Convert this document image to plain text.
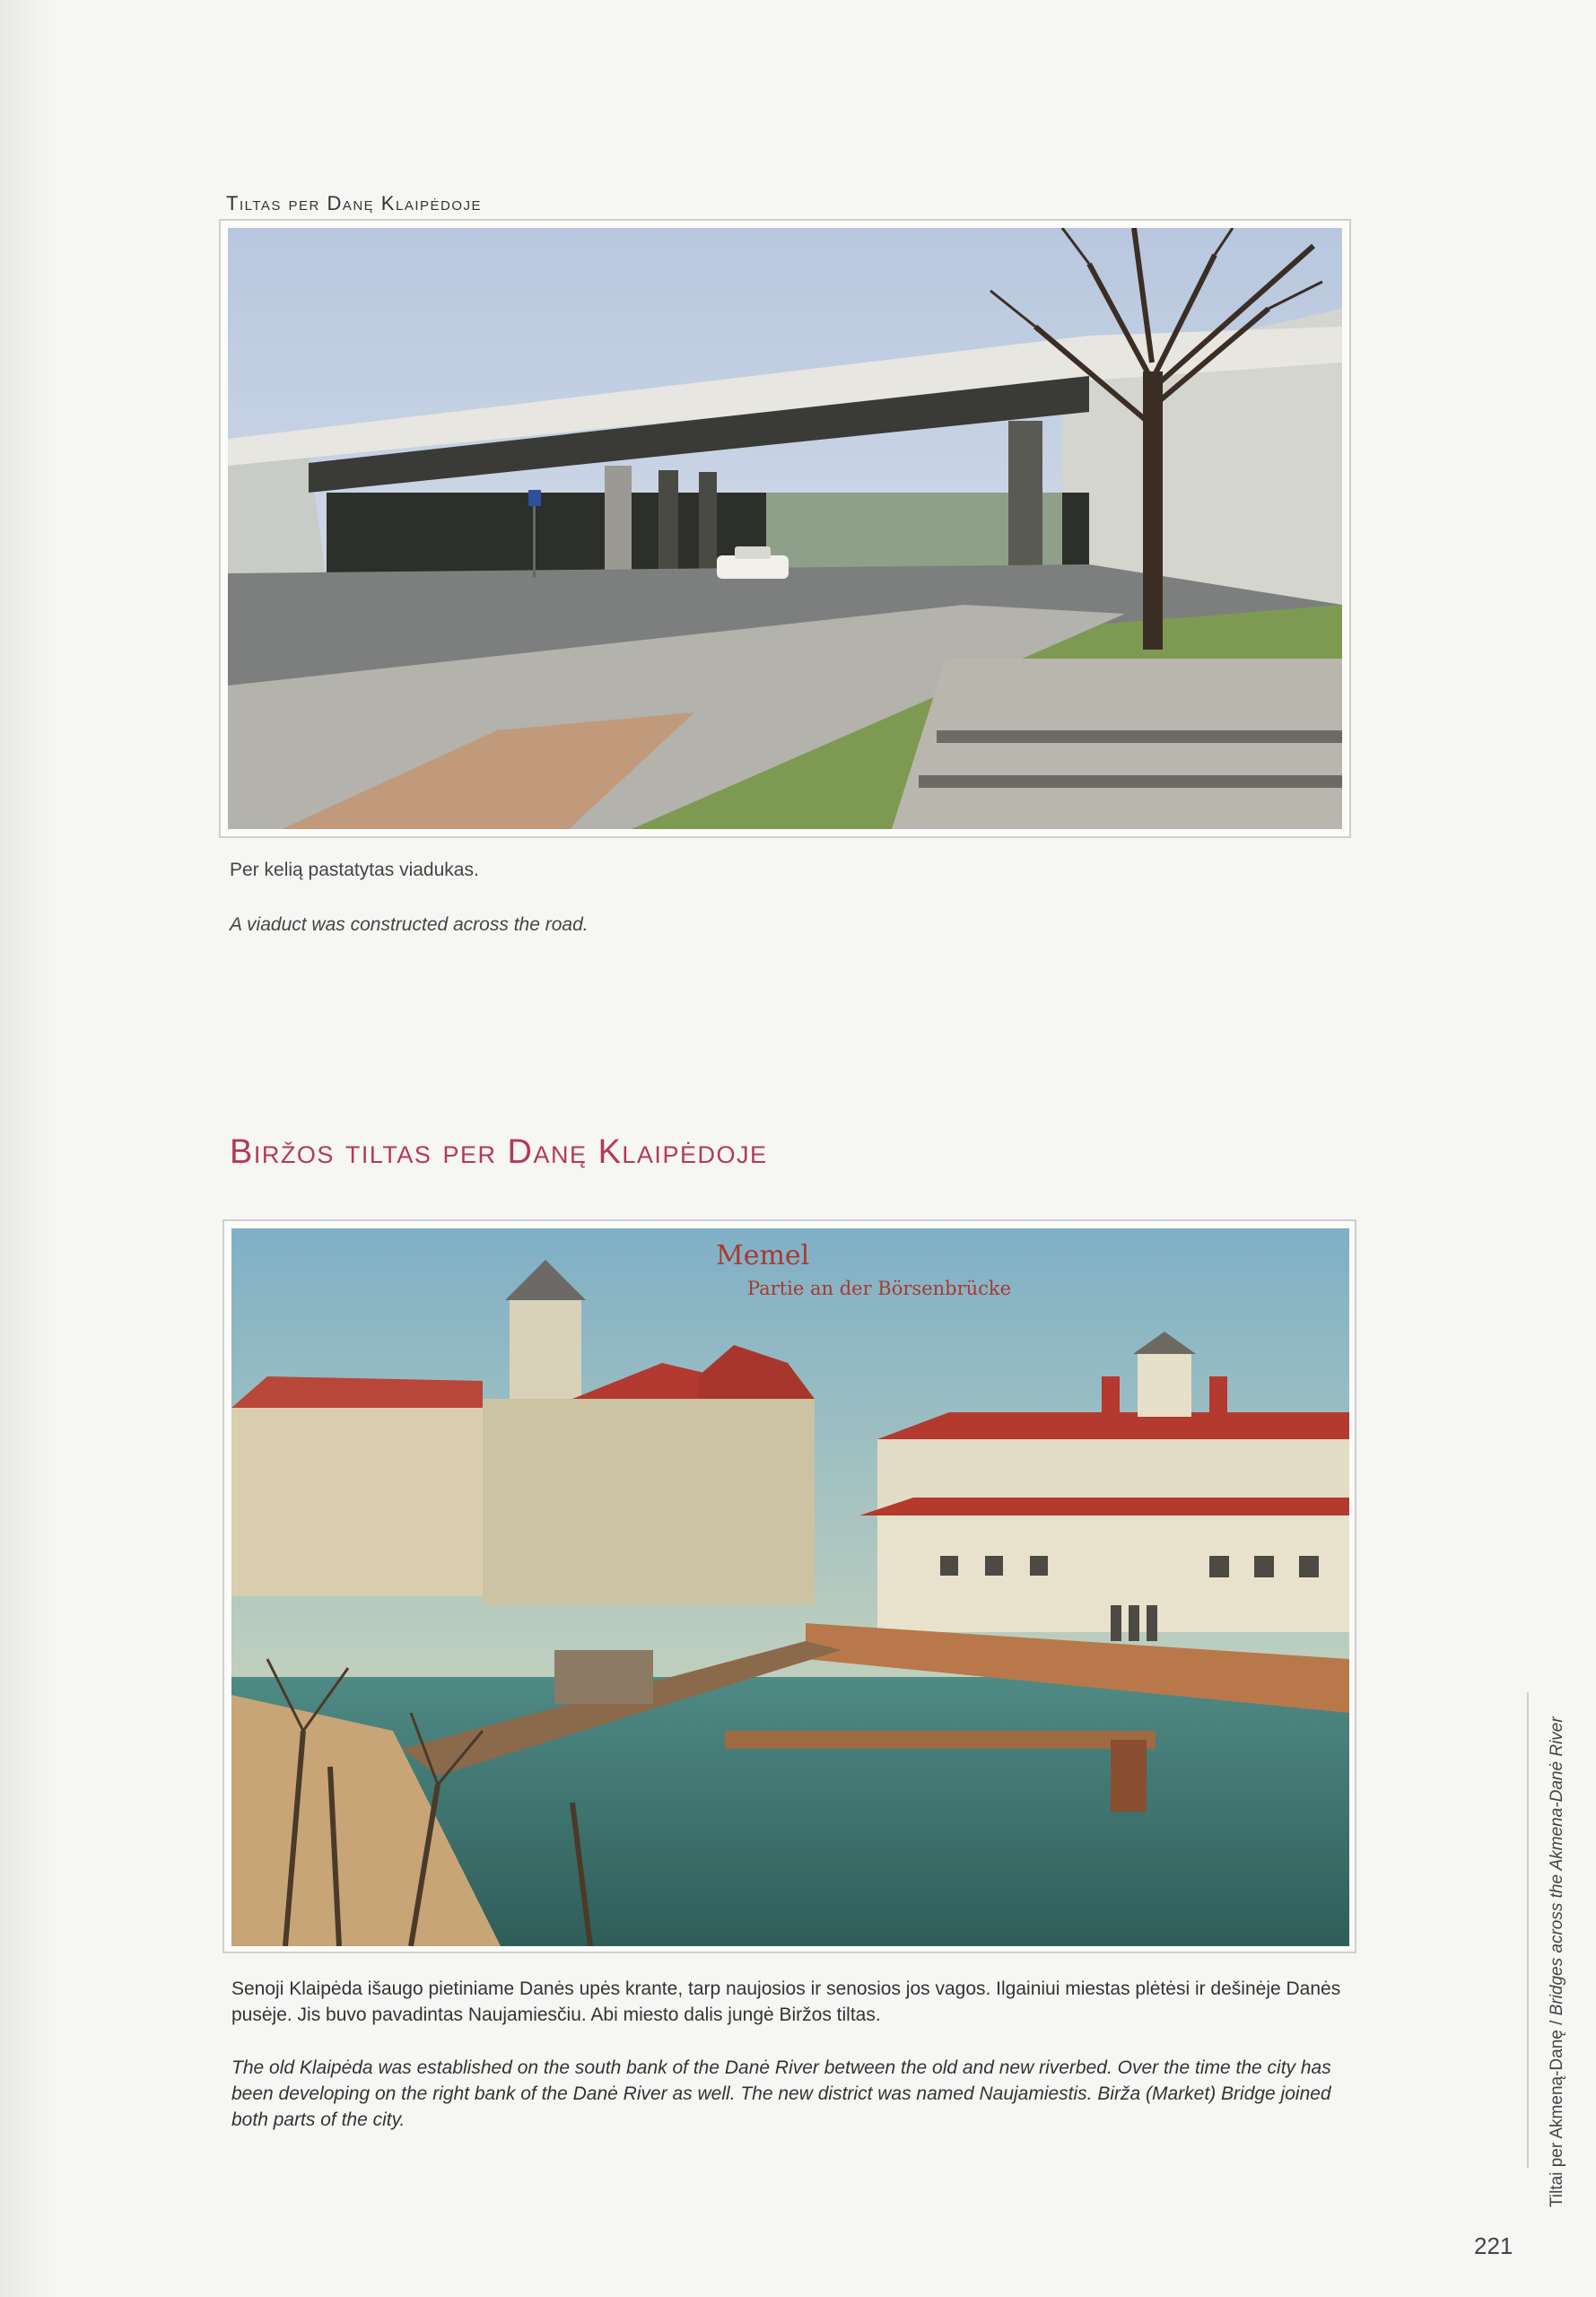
Tiltas per Danę Klaipėdoje
Per kelią pastatytas viadukas.
A viaduct was constructed across the road.
Biržos tiltas per Danę Klaipėdoje
Memel
Partie an der Börsenbrücke
Senoji Klaipėda išaugo pietiniame Danės upės krante, tarp naujosios ir senosios jos vagos. Ilgainiui miestas plėtėsi ir dešinėje Danės pusėje. Jis buvo pavadintas Naujamiesčiu. Abi miesto dalis jungė Biržos tiltas.
The old Klaipėda was established on the south bank of the Danė River between the old and new riverbed. Over the time the city has been developing on the right bank of the Danė River as well. The new district was named Naujamiestis. Birža (Market) Bridge joined both parts of the city.	Tiltai per Akmeną-Danę / Bridges across the Akmena-Danė River
221
